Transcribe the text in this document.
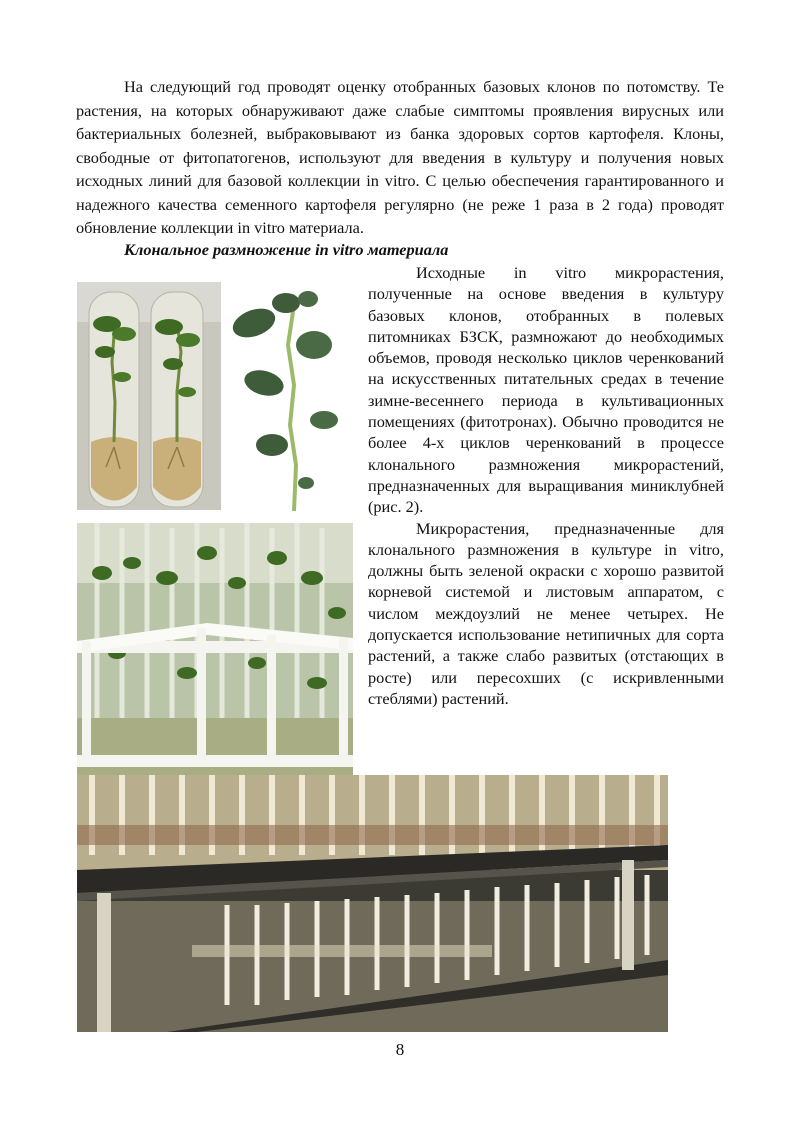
На следующий год проводят оценку отобранных базовых клонов по потомству. Те растения, на которых обнаруживают даже слабые симптомы проявления вирусных или бактериальных болезней, выбраковывают из банка здоровых сортов картофеля. Клоны, свободные от фитопатогенов, используют для введения в культуру и получения новых исходных линий для базовой коллекции in vitro. С целью обеспечения гарантированного и надежного качества семенного картофеля регулярно (не реже 1 раза в 2 года) проводят обновление коллекции in vitro материала.

Клональное размножение in vitro материала

Исходные in vitro микрорастения, полученные на основе введения в культуру базовых клонов, отобранных в полевых питомниках БЗСК, размножают до необходимых объемов, проводя несколько циклов черенкований на искусственных питательных средах в течение зимне-весеннего периода в культивационных помещениях (фитотронах). Обычно проводится не более 4-х циклов черенкований в процессе клонального размножения микрорастений, предназначенных для выращивания миниклубней (рис. 2).

Микрорастения, предназначенные для клонального размножения в культуре in vitro, должны быть зеленой окраски с хорошо развитой корневой системой и листовым аппаратом, с числом междоузлий не менее четырех. Не допускается использование нетипичных для сорта растений, а также слабо развитых (отстающих в росте) или пересохших (с искривленными стеблями) растений.

8
